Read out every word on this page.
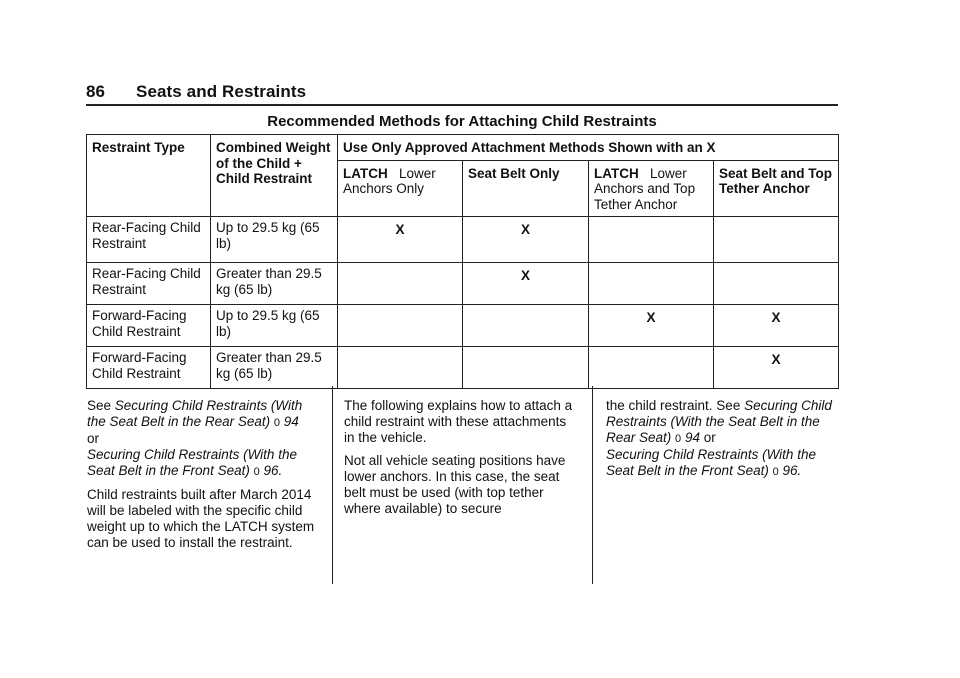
86 Seats and Restraints
Recommended Methods for Attaching Child Restraints
Restraint Type	Combined Weight of the Child + Child Restraint	Use Only Approved Attachment Methods Shown with an X			
		LATCH Lower Anchors Only	Seat Belt Only	LATCH Lower Anchors and Top Tether Anchor	Seat Belt and Top Tether Anchor
Rear-Facing Child Restraint	Up to 29.5 kg (65 lb)	X	X		
Rear-Facing Child Restraint	Greater than 29.5 kg (65 lb)		X		
Forward-Facing Child Restraint	Up to 29.5 kg (65 lb)			X	X
Forward-Facing Child Restraint	Greater than 29.5 kg (65 lb)				X

See Securing Child Restraints (With the Seat Belt in the Rear Seat) 0 94
or
Securing Child Restraints (With the Seat Belt in the Front Seat) 0 96.

Child restraints built after March 2014 will be labeled with the specific child weight up to which the LATCH system can be used to install the restraint.

The following explains how to attach a child restraint with these attachments in the vehicle.

Not all vehicle seating positions have lower anchors. In this case, the seat belt must be used (with top tether where available) to secure

the child restraint. See Securing Child Restraints (With the Seat Belt in the Rear Seat) 0 94 or
Securing Child Restraints (With the Seat Belt in the Front Seat) 0 96.
